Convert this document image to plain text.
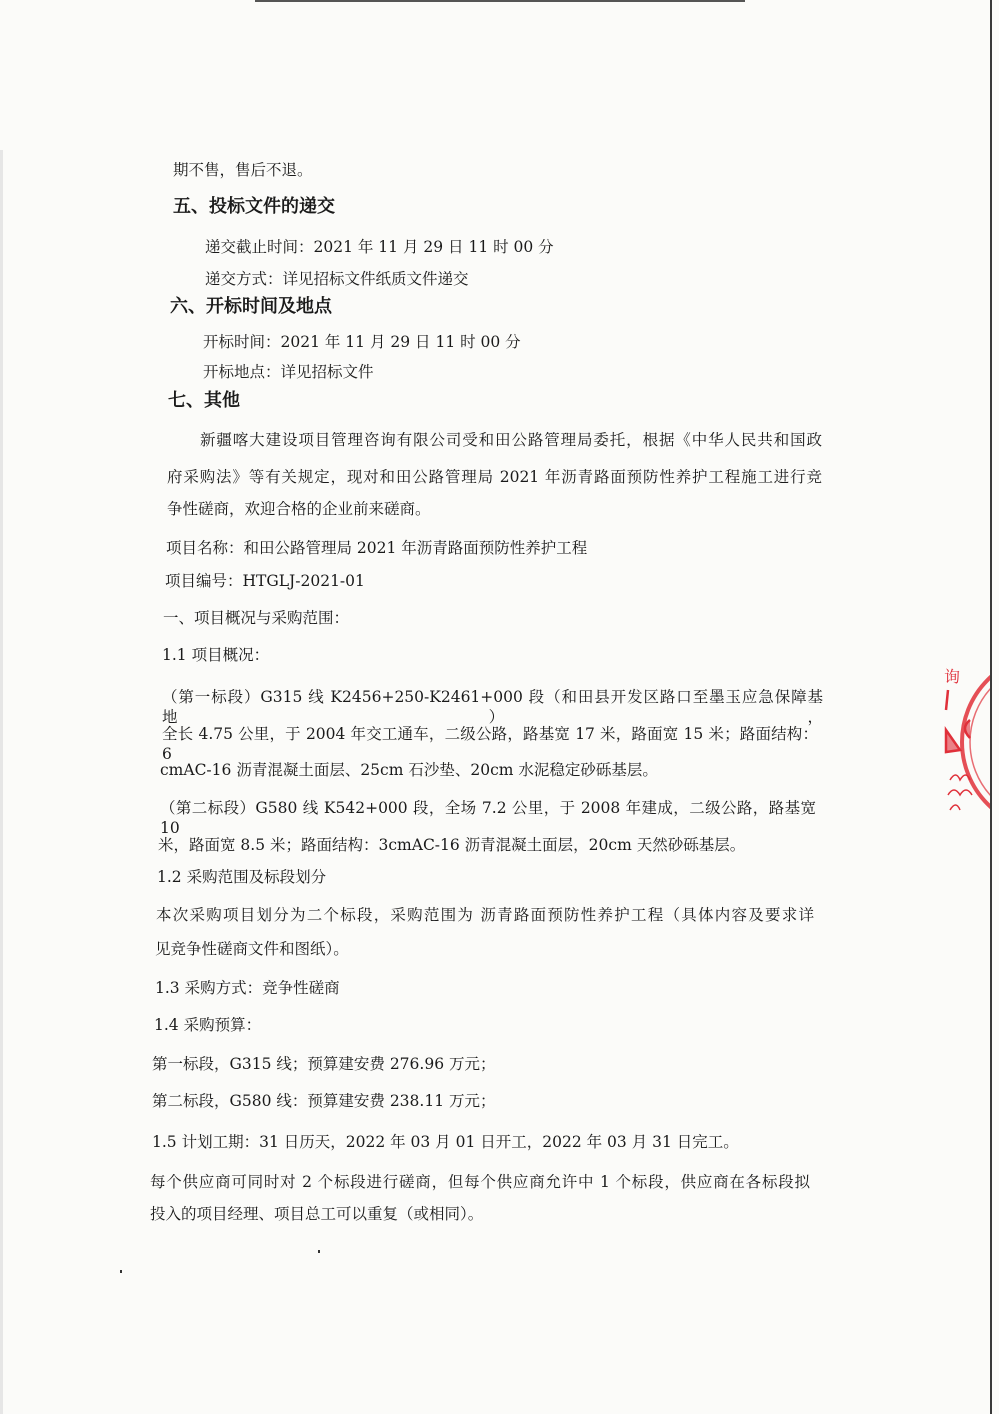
期不售，售后不退。
五、投标文件的递交
递交截止时间：2021 年 11 月 29 日 11 时 00 分
递交方式：详见招标文件纸质文件递交
六、开标时间及地点
开标时间：2021 年 11 月 29 日 11 时 00 分
开标地点：详见招标文件
七、其他
新疆喀大建设项目管理咨询有限公司受和田公路管理局委托，根据《中华人民共和国政
府采购法》等有关规定，现对和田公路管理局 2021 年沥青路面预防性养护工程施工进行竞
争性磋商，欢迎合格的企业前来磋商。
项目名称：和田公路管理局 2021 年沥青路面预防性养护工程
项目编号：HTGLJ-2021-01
一、项目概况与采购范围：
1.1 项目概况：
（第一标段）G315 线 K2456+250-K2461+000 段（和田县开发区路口至墨玉应急保障基地），
全长 4.75 公里，于 2004 年交工通车，二级公路，路基宽 17 米，路面宽 15 米；路面结构：6
cmAC-16 沥青混凝土面层、25cm 石沙垫、20cm 水泥稳定砂砾基层。
（第二标段）G580 线 K542+000 段，全场 7.2 公里，于 2008 年建成，二级公路，路基宽 10
米，路面宽 8.5 米；路面结构：3cmAC-16 沥青混凝土面层，20cm 天然砂砾基层。
1.2 采购范围及标段划分
本次采购项目划分为二个标段，采购范围为 沥青路面预防性养护工程（具体内容及要求详
见竞争性磋商文件和图纸）。
1.3 采购方式：竞争性磋商
1.4 采购预算：
第一标段，G315 线；预算建安费 276.96 万元；
第二标段，G580 线：预算建安费 238.11 万元；
1.5 计划工期：31 日历天，2022 年 03 月 01 日开工，2022 年 03 月 31 日完工。
每个供应商可同时对 2 个标段进行磋商，但每个供应商允许中 1 个标段，供应商在各标段拟
投入的项目经理、项目总工可以重复（或相同）。
询
